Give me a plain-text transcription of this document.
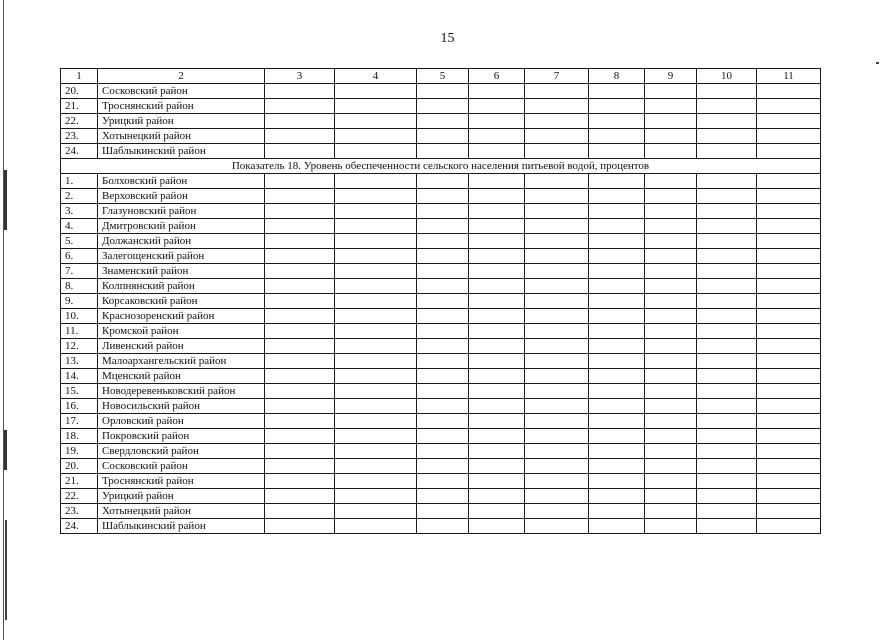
15
1	2	3	4	5	6	7	8	9	10	11
20.	Сосковский район									
21.	Троснянский район									
22.	Урицкий район									
23.	Хотынецкий район									
24.	Шаблыкинский район									
Показатель 18. Уровень обеспеченности сельского населения питьевой водой, процентов										
1.	Болховский район									
2.	Верховский район									
3.	Глазуновский район									
4.	Дмитровский район									
5.	Должанский район									
6.	Залегощенский район									
7.	Знаменский район									
8.	Колпнянский район									
9.	Корсаковский район									
10.	Краснозоренский район									
11.	Кромской район									
12.	Ливенский район									
13.	Малоархангельский район									
14.	Мценский район									
15.	Новодеревеньковский район									
16.	Новосильский район									
17.	Орловский район									
18.	Покровский район									
19.	Свердловский район									
20.	Сосковский район									
21.	Троснянский район									
22.	Урицкий район									
23.	Хотынецкий район									
24.	Шаблыкинский район									
